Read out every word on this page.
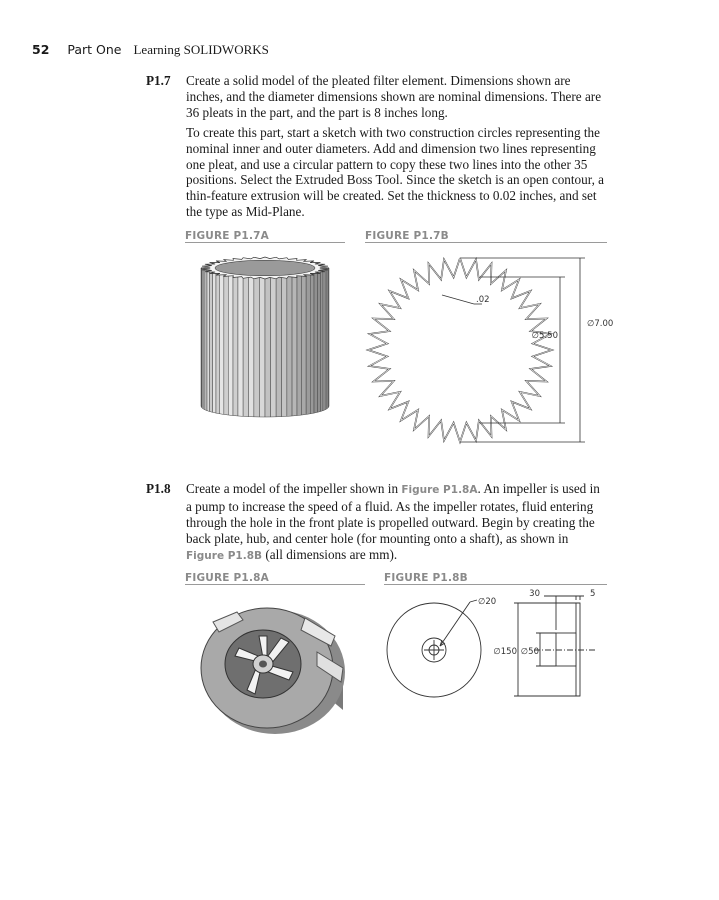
52 Part One Learning SOLIDWORKS
P1.7 Create a solid model of the pleated filter element. Dimensions shown are inches, and the diameter dimensions shown are nominal dimensions. There are 36 pleats in the part, and the part is 8 inches long.

To create this part, start a sketch with two construction circles representing the nominal inner and outer diameters. Add and dimension two lines representing one pleat, and use a circular pattern to copy these two lines into the other 35 positions. Select the Extruded Boss Tool. Since the sketch is an open contour, a thin-feature extrusion will be created. Set the thickness to 0.02 inches, and set the type as Mid-Plane.

FIGURE P1.7A	FIGURE P1.7B
.02
∅7.00
∅5.50
P1.8 Create a model of the impeller shown in Figure P1.8A. An impeller is used in a pump to increase the speed of a fluid. As the impeller rotates, fluid entering through the hole in the front plate is propelled outward. Begin by creating the back plate, hub, and center hole (for mounting onto a shaft), as shown in Figure P1.8B (all dimensions are mm).
FIGURE P1.8A	FIGURE P1.8B
∅20
30	5
∅150 ∅50
